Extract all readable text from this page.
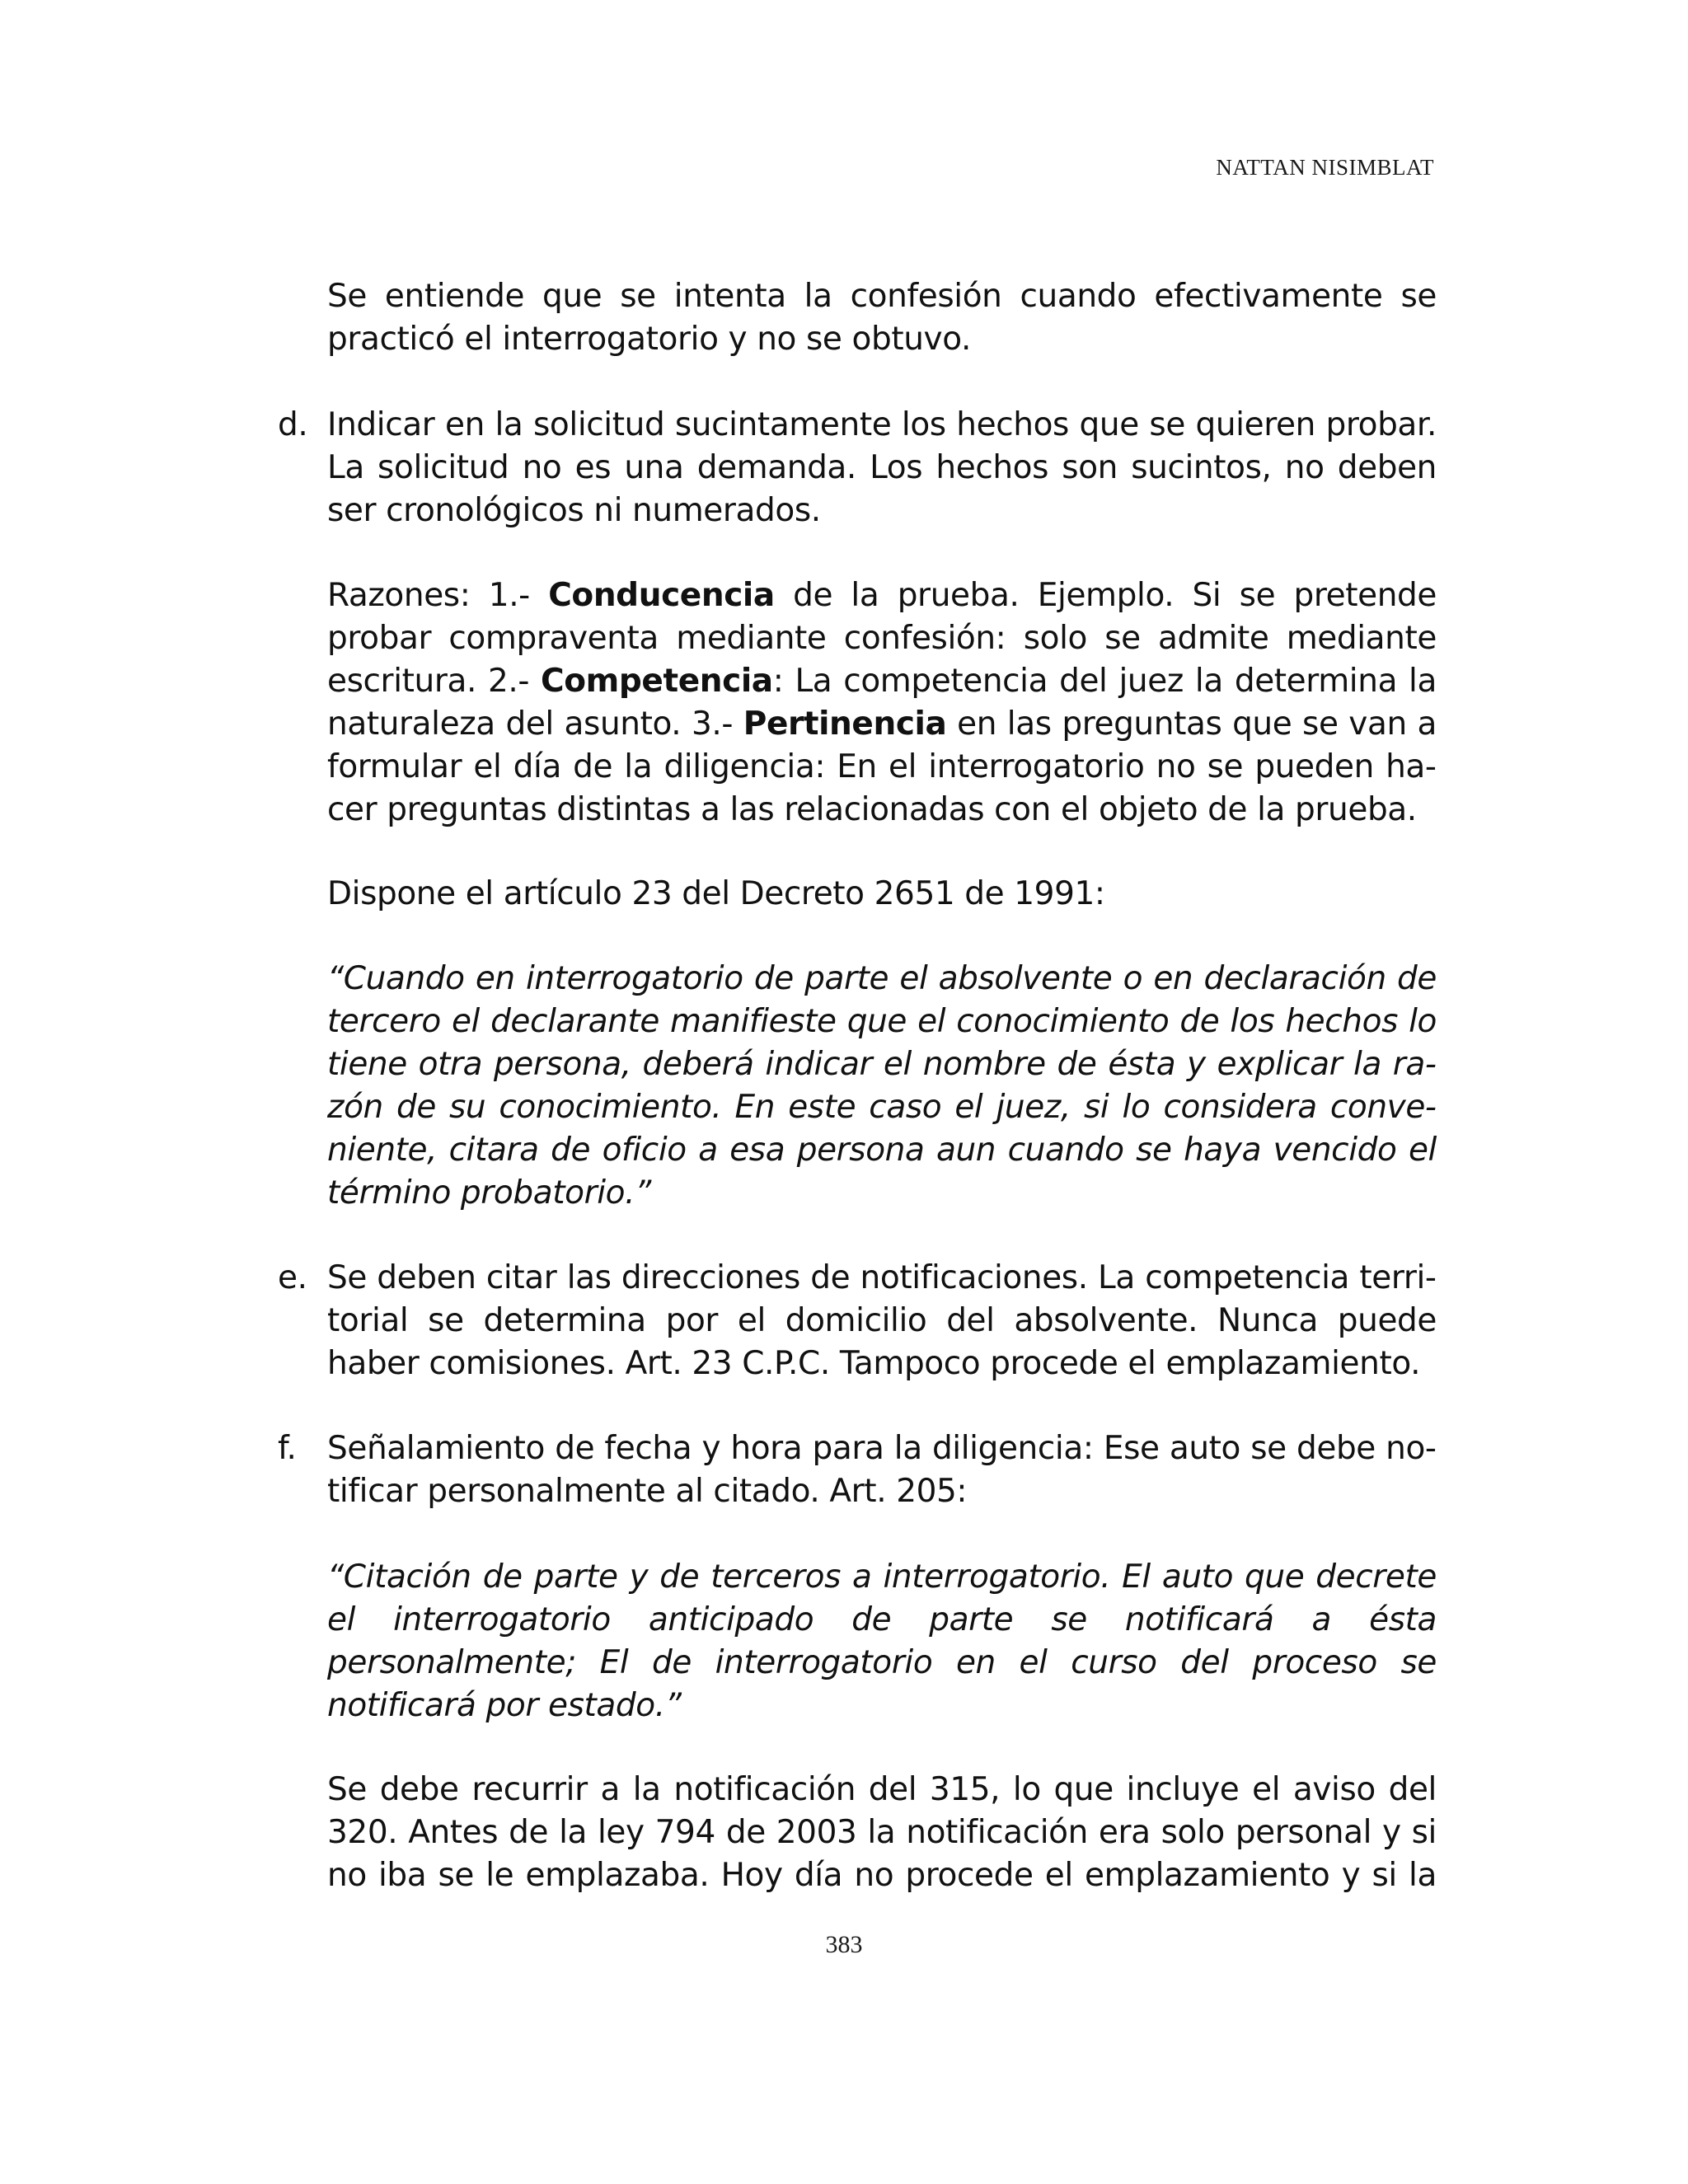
NATTAN NISIMBLAT

Se entiende que se intenta la confesión cuando efectivamente se practicó el interrogatorio y no se obtuvo.

d. Indicar en la solicitud sucintamente los hechos que se quieren probar. La solicitud no es una demanda. Los hechos son sucintos, no deben ser cronológicos ni numerados.

Razones: 1.- Conducencia de la prueba. Ejemplo. Si se pretende probar compraventa mediante confesión: solo se admite mediante escritura. 2.- Competencia: La competencia del juez la determina la naturaleza del asunto. 3.- Pertinencia en las preguntas que se van a formular el día de la diligencia: En el interrogatorio no se pueden hacer preguntas distintas a las relacionadas con el objeto de la prueba.

Dispone el artículo 23 del Decreto 2651 de 1991:

“Cuando en interrogatorio de parte el absolvente o en declaración de tercero el declarante manifieste que el conocimiento de los hechos lo tiene otra persona, deberá indicar el nombre de ésta y explicar la razón de su conocimiento. En este caso el juez, si lo considera conveniente, citara de oficio a esa persona aun cuando se haya vencido el término probatorio.”

e. Se deben citar las direcciones de notificaciones. La competencia territorial se determina por el domicilio del absolvente. Nunca puede haber comisiones. Art. 23 C.P.C. Tampoco procede el emplazamiento.
f. Señalamiento de fecha y hora para la diligencia: Ese auto se debe notificar personalmente al citado. Art. 205:

“Citación de parte y de terceros a interrogatorio. El auto que decrete el interrogatorio anticipado de parte se notificará a ésta personalmente; El de interrogatorio en el curso del proceso se notificará por estado.”

Se debe recurrir a la notificación del 315, lo que incluye el aviso del 320. Antes de la ley 794 de 2003 la notificación era solo personal y si no iba se le emplazaba. Hoy día no procede el emplazamiento y si la

383
